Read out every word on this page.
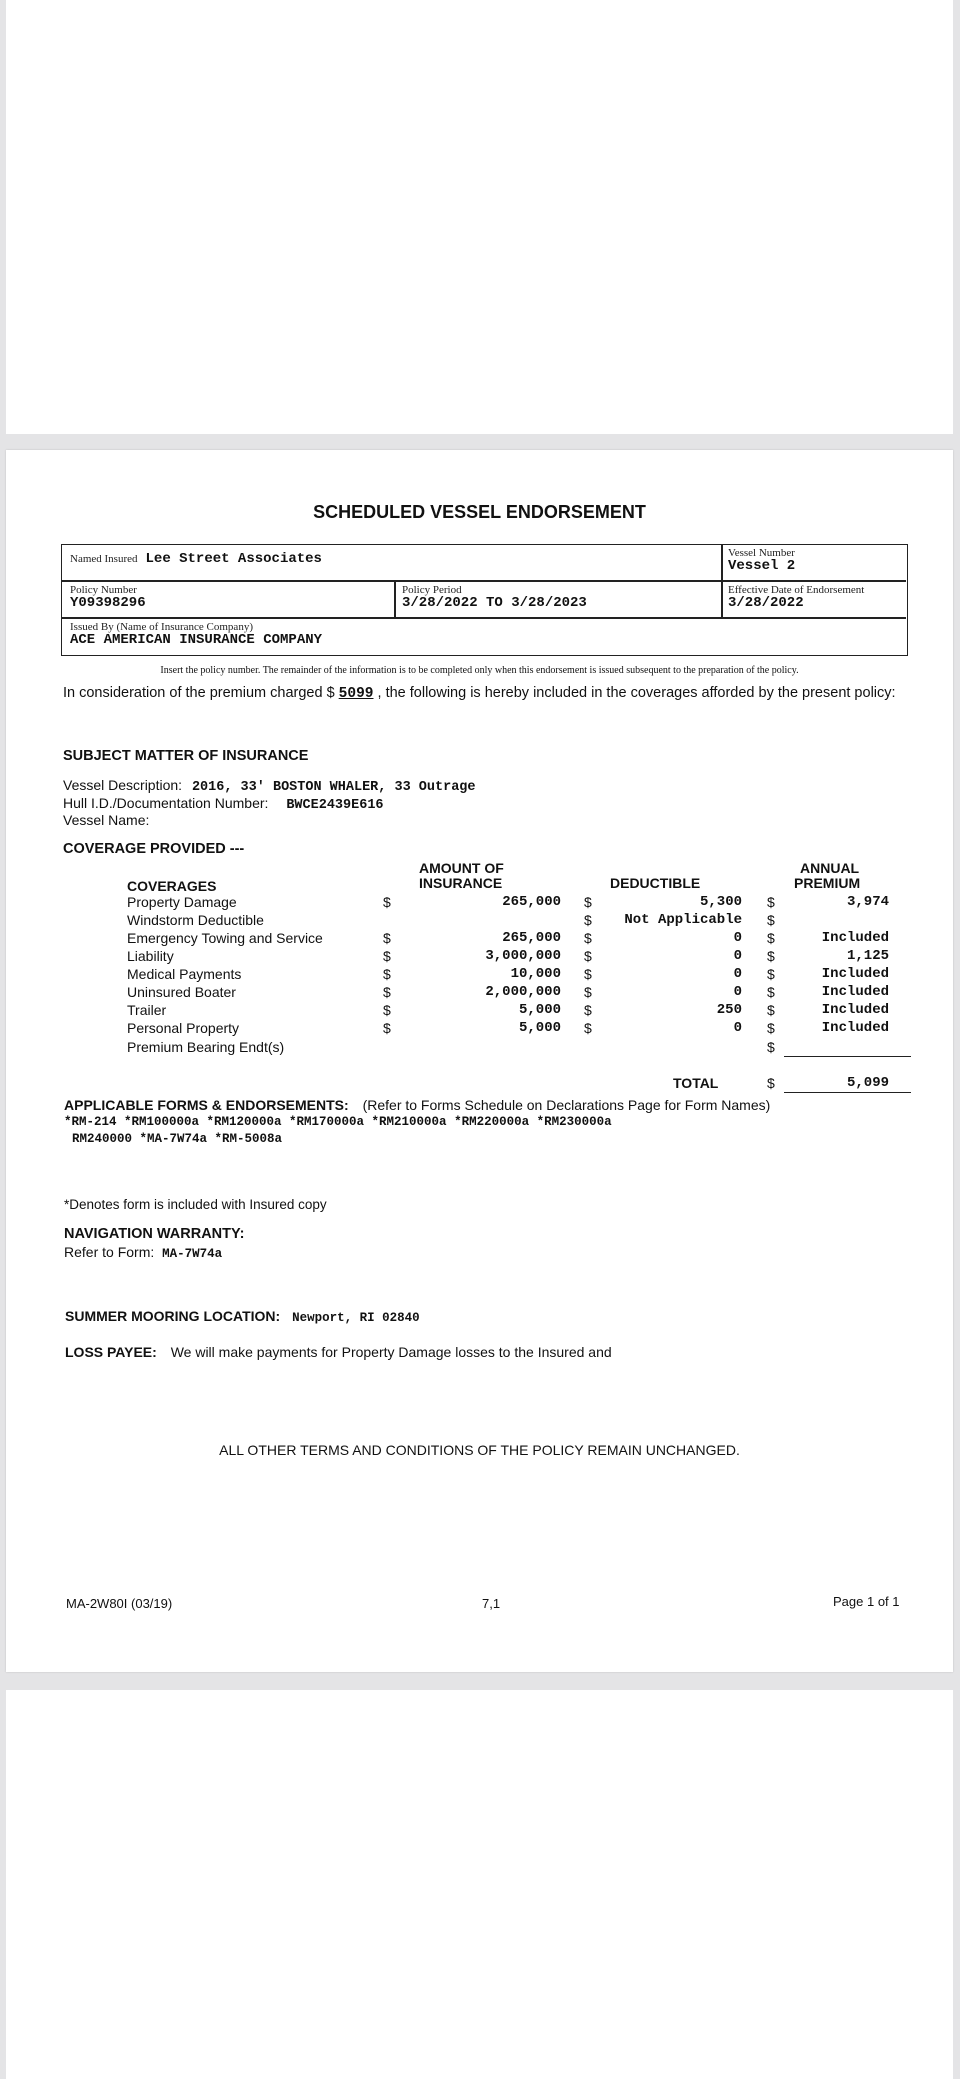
SCHEDULED VESSEL ENDORSEMENT
Named Insured Lee Street Associates	Vessel Number
Vessel 2
Policy Number
Y09398296
Policy Period
3/28/2022 TO 3/28/2023
Effective Date of Endorsement
3/28/2022
Issued By (Name of Insurance Company)
ACE AMERICAN INSURANCE COMPANY
Insert the policy number. The remainder of the information is to be completed only when this endorsement is issued subsequent to the preparation of the policy.
In consideration of the premium charged $ 5099 , the following is hereby included in the coverages afforded by the present policy:
SUBJECT MATTER OF INSURANCE
Vessel Description: 2016, 33' BOSTON WHALER, 33 Outrage
Hull I.D./Documentation Number: BWCE2439E616
Vessel Name:
COVERAGE PROVIDED ---
COVERAGES
AMOUNT OF
INSURANCE	DEDUCTIBLE
ANNUAL
PREMIUM
Property Damage	$	265,000 $	5,300 $	3,974
Windstorm Deductible	$	Not Applicable $
Emergency Towing and Service	$	265,000 $	0 $	Included
Liability	$	3,000,000 $	0 $	1,125
Medical Payments	$	10,000 $	0 $	Included
Uninsured Boater	$	2,000,000 $	0 $	Included
Trailer	$	5,000 $	250 $	Included
Personal Property	$	5,000 $	0 $	Included
Premium Bearing Endt(s)	$
TOTAL	$	5,099
APPLICABLE FORMS & ENDORSEMENTS: (Refer to Forms Schedule on Declarations Page for Form Names)
*RM-214 *RM100000a *RM120000a *RM170000a *RM210000a *RM220000a *RM230000a
RM240000 *MA-7W74a *RM-5008a
*Denotes form is included with Insured copy
NAVIGATION WARRANTY:
Refer to Form: MA-7W74a
SUMMER MOORING LOCATION: Newport, RI 02840
LOSS PAYEE: We will make payments for Property Damage losses to the Insured and
ALL OTHER TERMS AND CONDITIONS OF THE POLICY REMAIN UNCHANGED.
MA-2W80I (03/19)	7,1	Page 1 of 1
